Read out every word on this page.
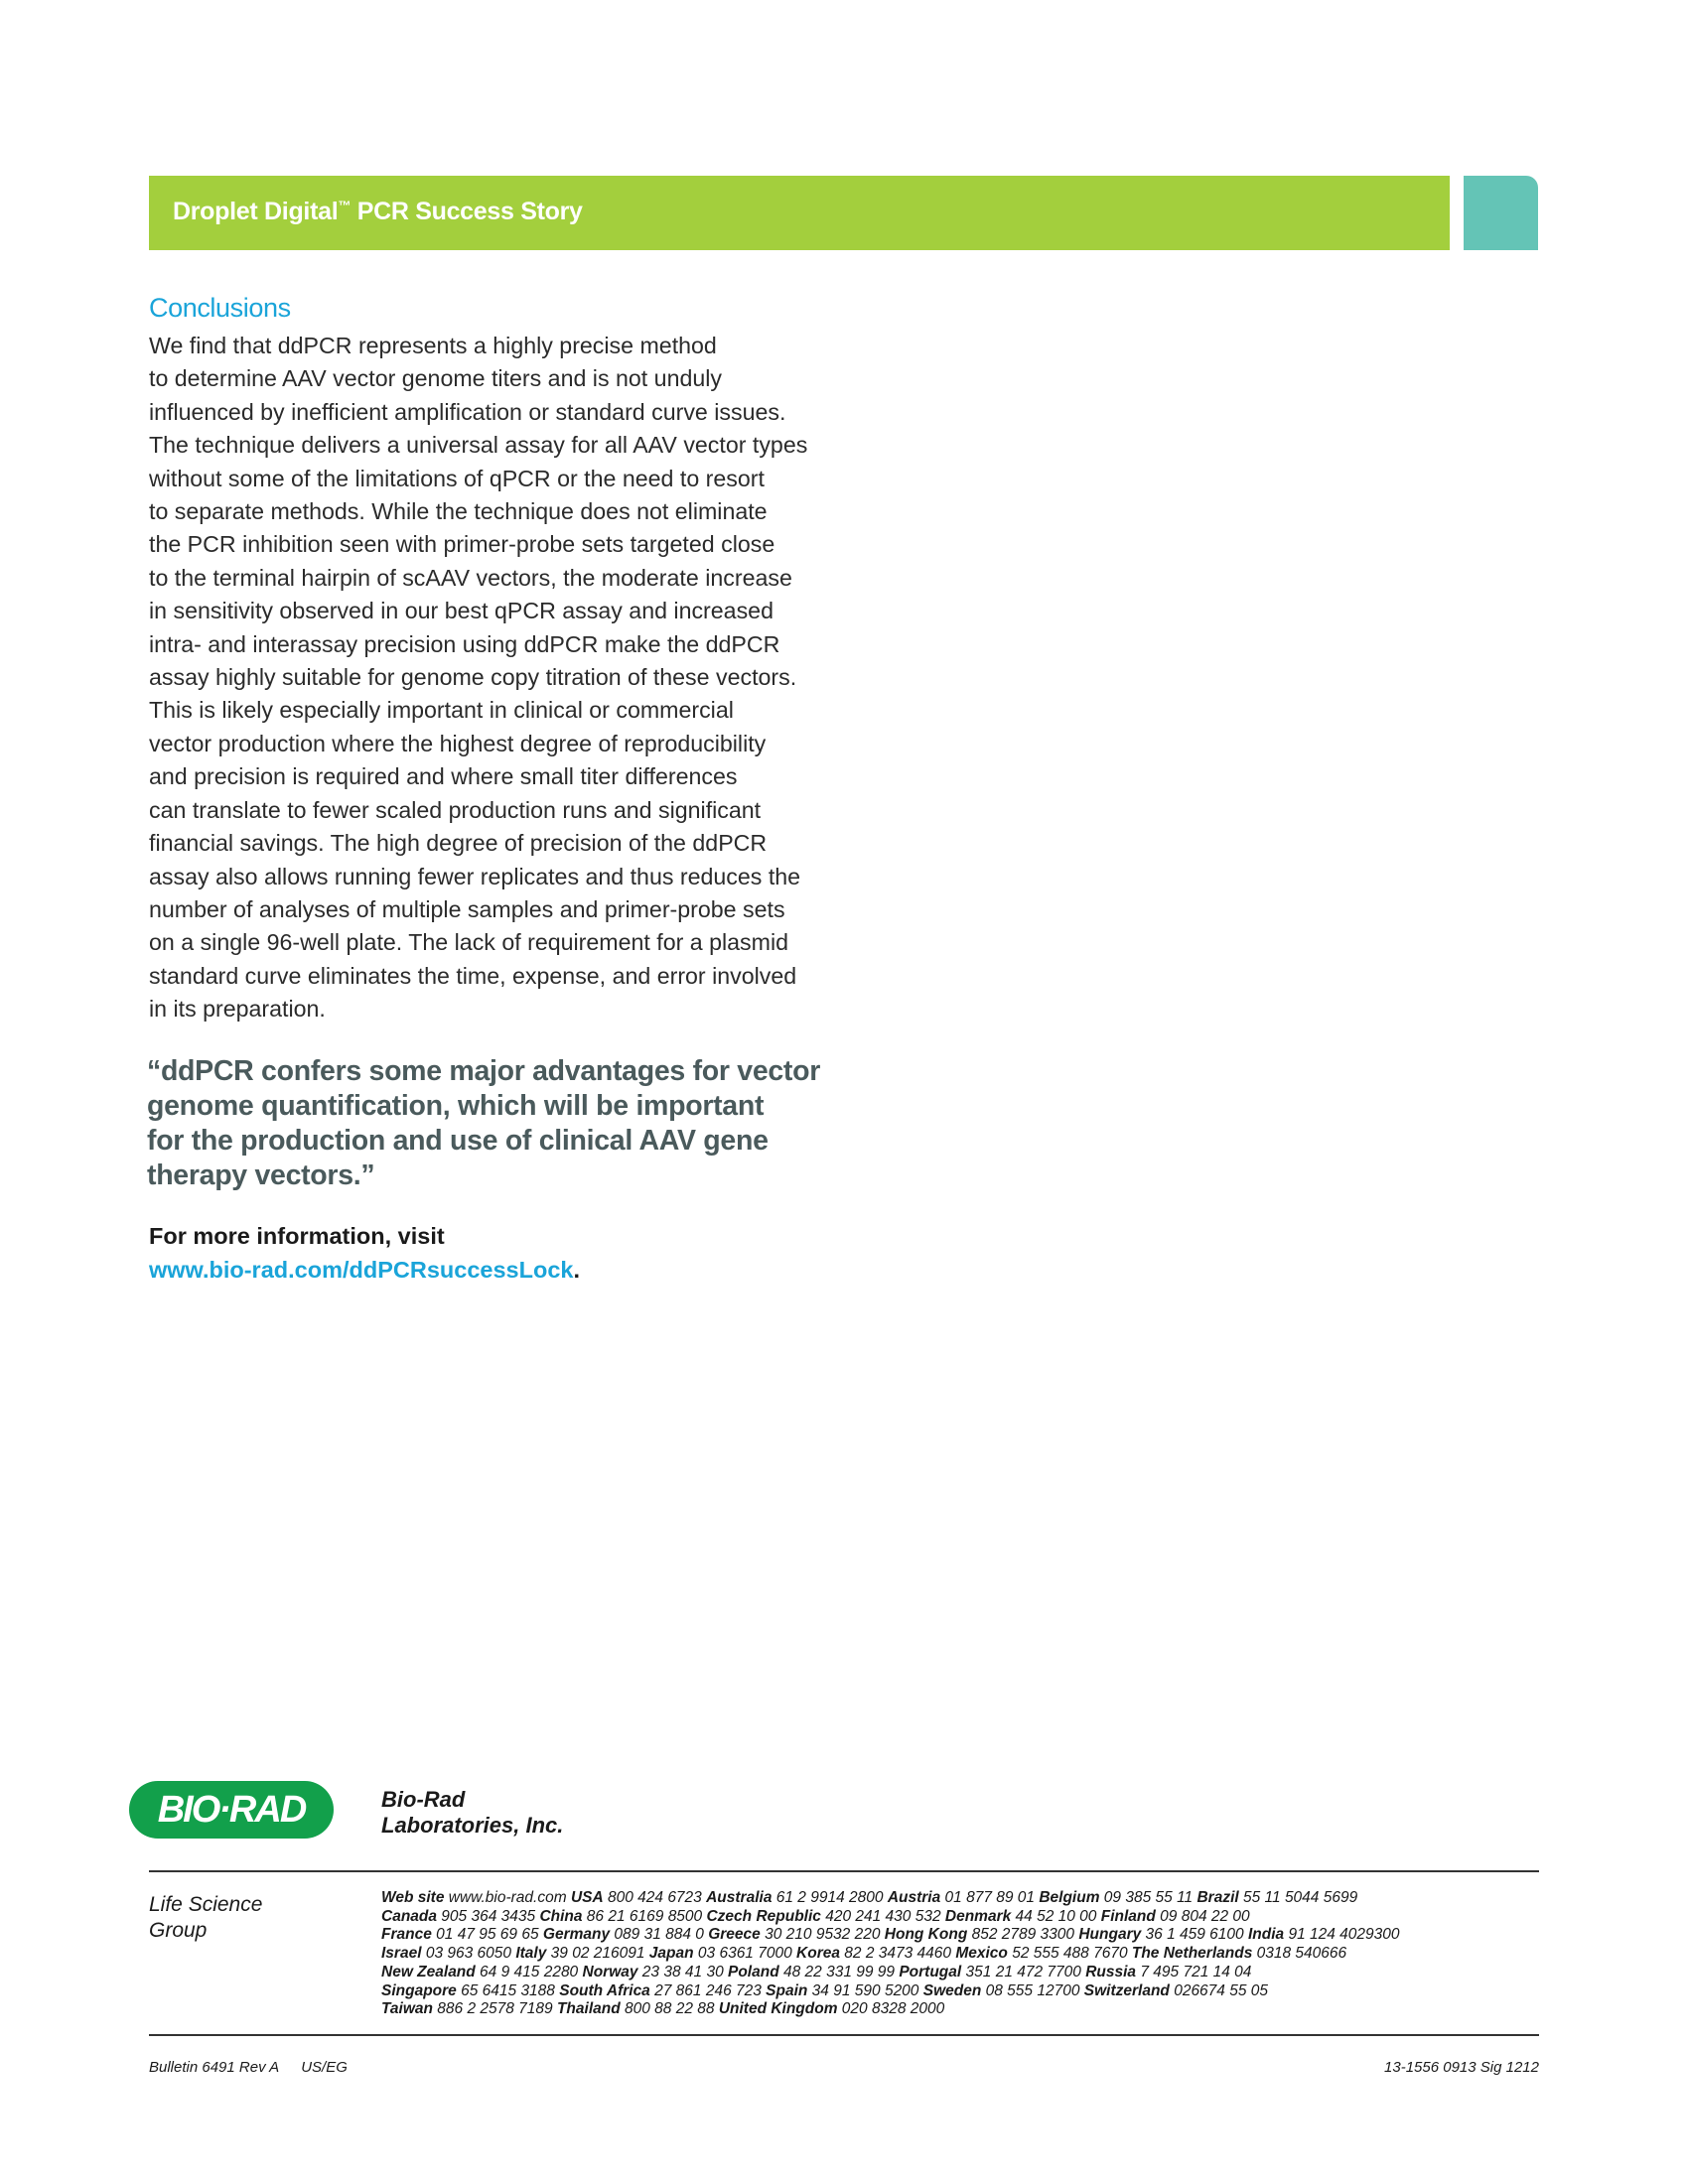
Droplet Digital™ PCR Success Story
Conclusions
We find that ddPCR represents a highly precise method
to determine AAV vector genome titers and is not unduly
influenced by inefficient amplification or standard curve issues.
The technique delivers a universal assay for all AAV vector types
without some of the limitations of qPCR or the need to resort
to separate methods. While the technique does not eliminate
the PCR inhibition seen with primer-probe sets targeted close
to the terminal hairpin of scAAV vectors, the moderate increase
in sensitivity observed in our best qPCR assay and increased
intra- and interassay precision using ddPCR make the ddPCR
assay highly suitable for genome copy titration of these vectors.
This is likely especially important in clinical or commercial
vector production where the highest degree of reproducibility
and precision is required and where small titer differences
can translate to fewer scaled production runs and significant
financial savings. The high degree of precision of the ddPCR
assay also allows running fewer replicates and thus reduces the
number of analyses of multiple samples and primer-probe sets
on a single 96-well plate. The lack of requirement for a plasmid
standard curve eliminates the time, expense, and error involved
in its preparation.
“ddPCR confers some major advantages for vector
genome quantification, which will be important
for the production and use of clinical AAV gene
therapy vectors.”
For more information, visit
www.bio-rad.com/ddPCRsuccessLock.
BIO·RAD	Bio-Rad
Laboratories, Inc.
Life Science
Group
Web site www.bio-rad.com USA 800 424 6723 Australia 61 2 9914 2800 Austria 01 877 89 01 Belgium 09 385 55 11 Brazil 55 11 5044 5699
Canada 905 364 3435 China 86 21 6169 8500 Czech Republic 420 241 430 532 Denmark 44 52 10 00 Finland 09 804 22 00
France 01 47 95 69 65 Germany 089 31 884 0 Greece 30 210 9532 220 Hong Kong 852 2789 3300 Hungary 36 1 459 6100 India 91 124 4029300
Israel 03 963 6050 Italy 39 02 216091 Japan 03 6361 7000 Korea 82 2 3473 4460 Mexico 52 555 488 7670 The Netherlands 0318 540666
New Zealand 64 9 415 2280 Norway 23 38 41 30 Poland 48 22 331 99 99 Portugal 351 21 472 7700 Russia 7 495 721 14 04
Singapore 65 6415 3188 South Africa 27 861 246 723 Spain 34 91 590 5200 Sweden 08 555 12700 Switzerland 026674 55 05
Taiwan 886 2 2578 7189 Thailand 800 88 22 88 United Kingdom 020 8328 2000
Bulletin 6491 Rev A US/EG	13-1556 0913 Sig 1212
